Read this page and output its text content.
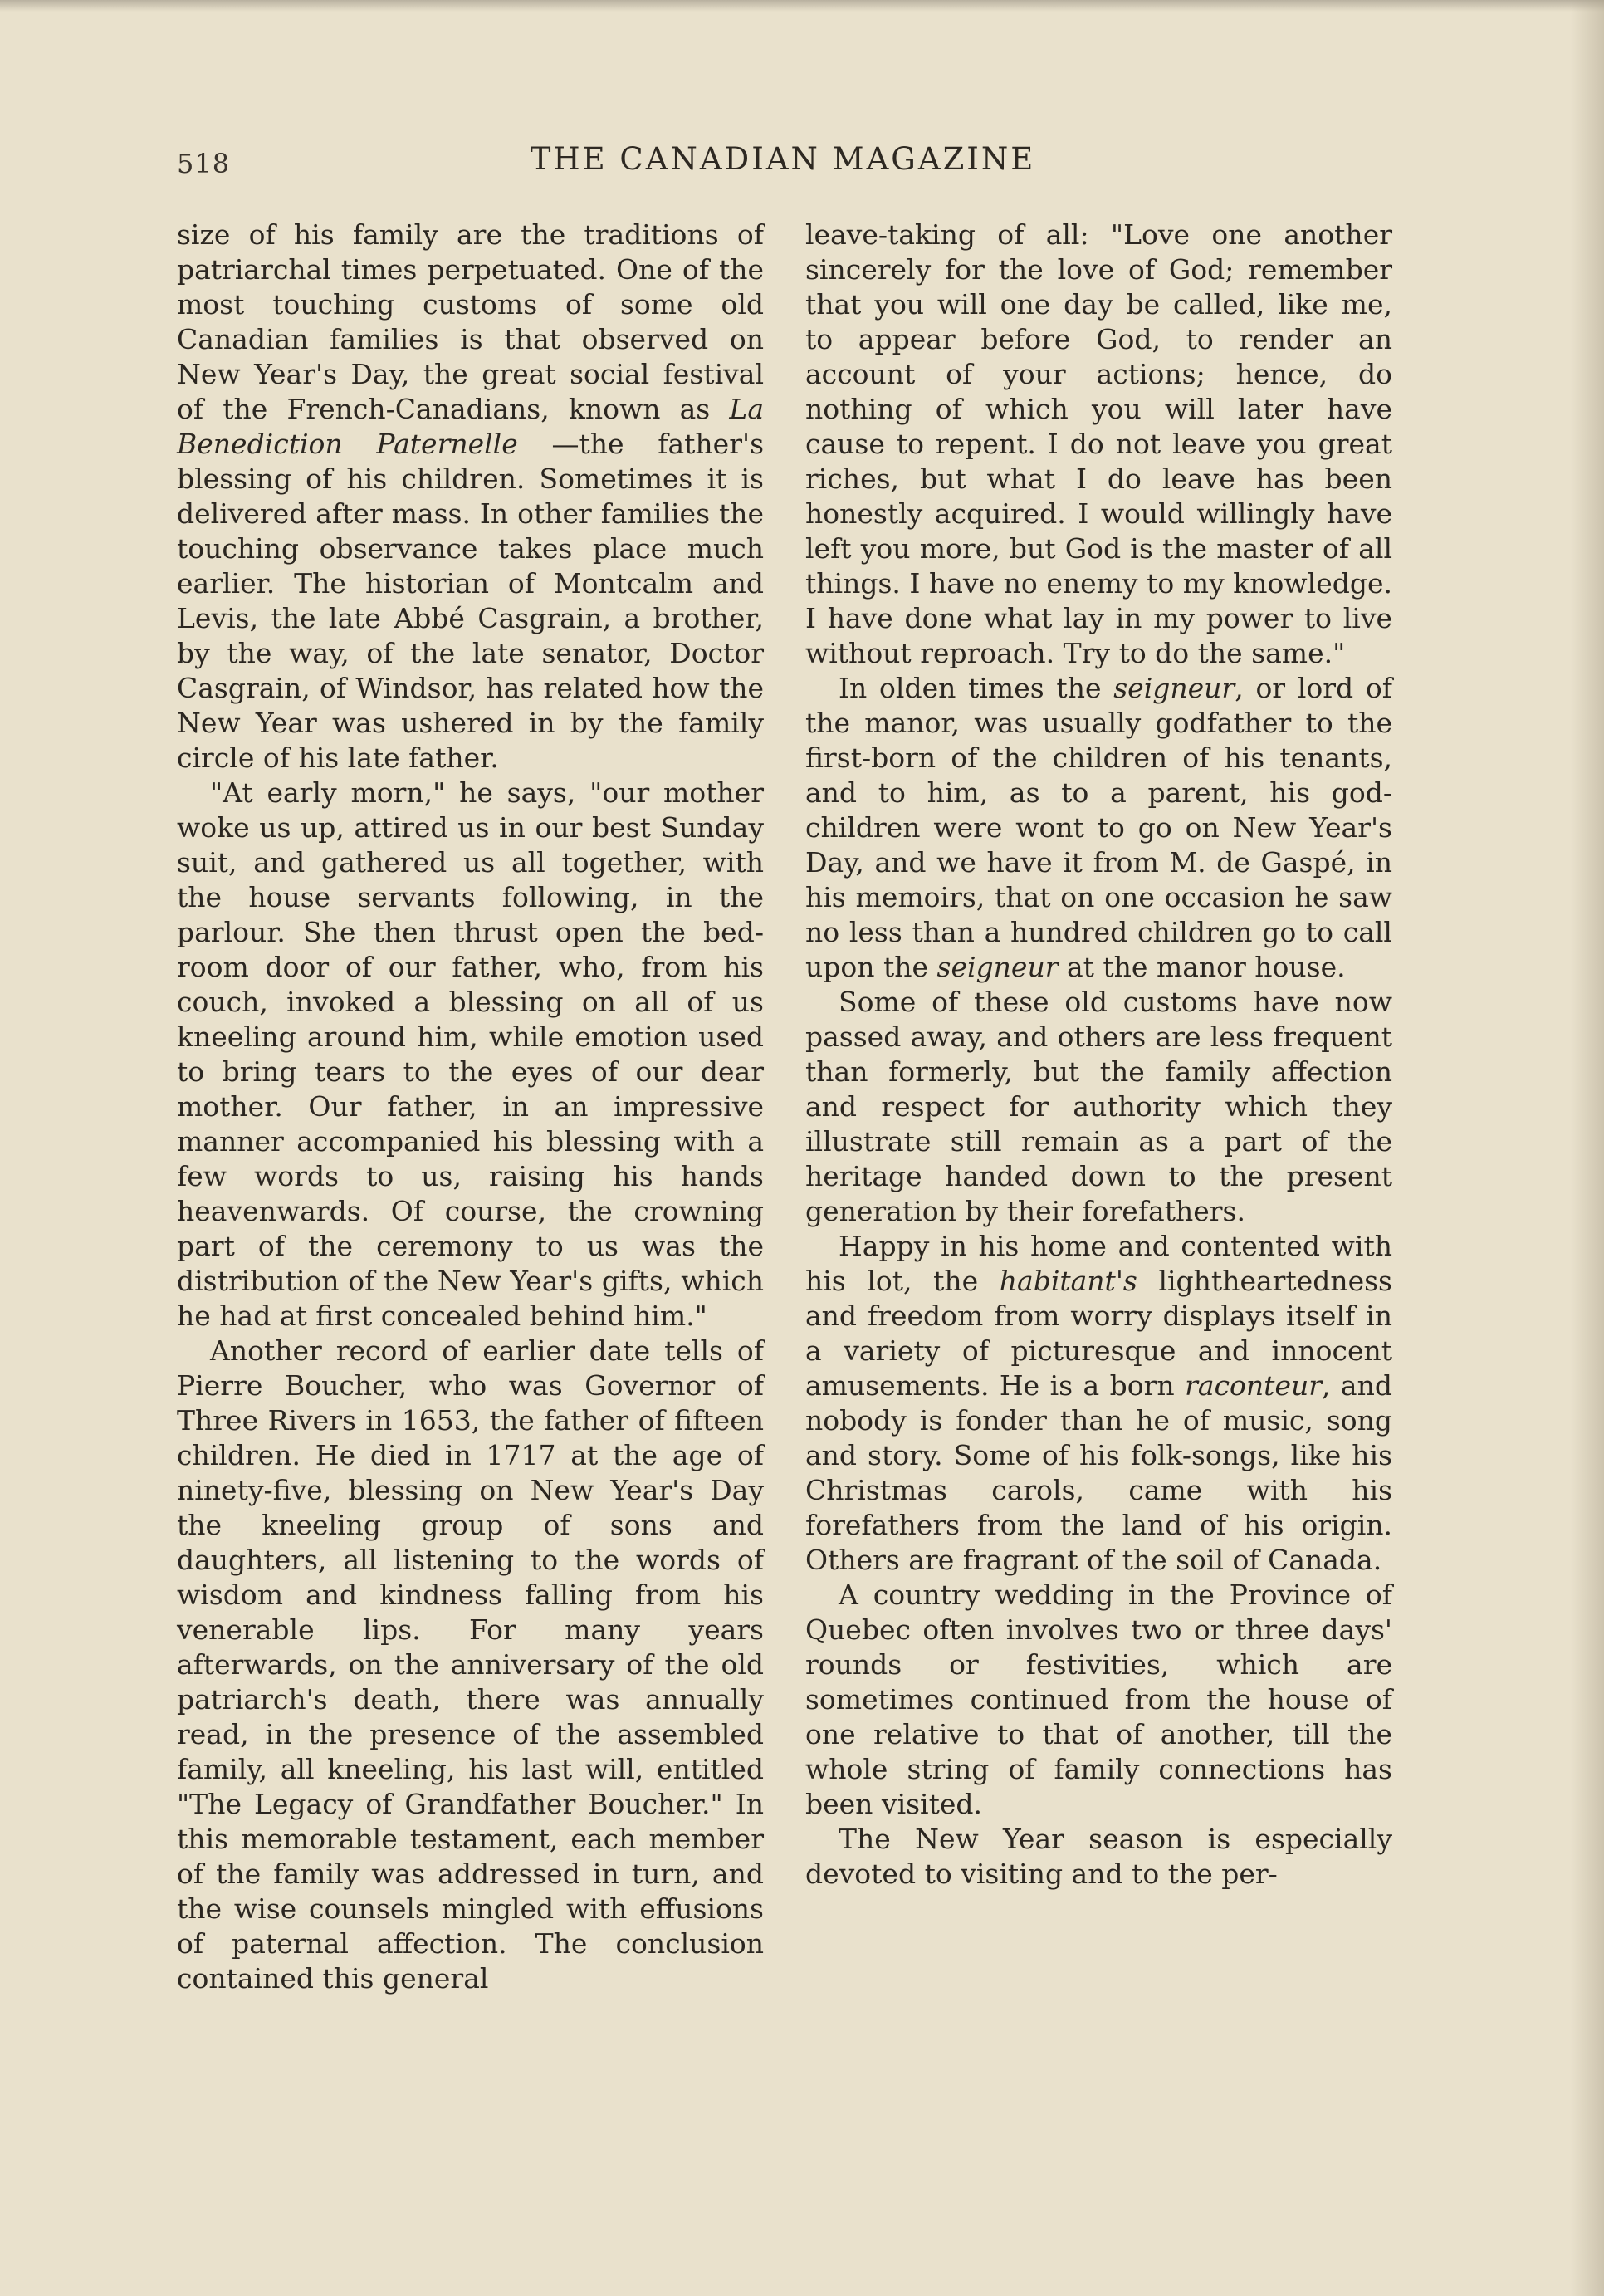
518	THE CANADIAN MAGAZINE

size of his family are the traditions of patriarchal times perpetuated. One of the most touching customs of some old Canadian families is that observed on New Year's Day, the great social festival of the French-Canadians, known as La Benediction Paternelle —the father's blessing of his children. Sometimes it is delivered after mass. In other families the touching observance takes place much earlier. The historian of Montcalm and Levis, the late Abbé Casgrain, a brother, by the way, of the late senator, Doctor Casgrain, of Windsor, has related how the New Year was ushered in by the family circle of his late father.

"At early morn," he says, "our mother woke us up, attired us in our best Sunday suit, and gathered us all together, with the house servants following, in the parlour. She then thrust open the bed-room door of our father, who, from his couch, invoked a blessing on all of us kneeling around him, while emotion used to bring tears to the eyes of our dear mother. Our father, in an impressive manner accompanied his blessing with a few words to us, raising his hands heavenwards. Of course, the crowning part of the ceremony to us was the distribution of the New Year's gifts, which he had at first concealed behind him."

Another record of earlier date tells of Pierre Boucher, who was Governor of Three Rivers in 1653, the father of fifteen children. He died in 1717 at the age of ninety-five, blessing on New Year's Day the kneeling group of sons and daughters, all listening to the words of wisdom and kindness falling from his venerable lips. For many years afterwards, on the anniversary of the old patriarch's death, there was annually read, in the presence of the assembled family, all kneeling, his last will, entitled "The Legacy of Grandfather Boucher." In this memorable testament, each member of the family was addressed in turn, and the wise counsels mingled with effusions of paternal affection. The conclusion contained this general

leave-taking of all: "Love one another sincerely for the love of God; remember that you will one day be called, like me, to appear before God, to render an account of your actions; hence, do nothing of which you will later have cause to repent. I do not leave you great riches, but what I do leave has been honestly acquired. I would willingly have left you more, but God is the master of all things. I have no enemy to my knowledge. I have done what lay in my power to live without reproach. Try to do the same."

In olden times the seigneur, or lord of the manor, was usually godfather to the first-born of the children of his tenants, and to him, as to a parent, his god-children were wont to go on New Year's Day, and we have it from M. de Gaspé, in his memoirs, that on one occasion he saw no less than a hundred children go to call upon the seigneur at the manor house.

Some of these old customs have now passed away, and others are less frequent than formerly, but the family affection and respect for authority which they illustrate still remain as a part of the heritage handed down to the present generation by their forefathers.

Happy in his home and contented with his lot, the habitant's lightheartedness and freedom from worry displays itself in a variety of picturesque and innocent amusements. He is a born raconteur, and nobody is fonder than he of music, song and story. Some of his folk-songs, like his Christmas carols, came with his forefathers from the land of his origin. Others are fragrant of the soil of Canada.

A country wedding in the Province of Quebec often involves two or three days' rounds or festivities, which are sometimes continued from the house of one relative to that of another, till the whole string of family connections has been visited.

The New Year season is especially devoted to visiting and to the per-
